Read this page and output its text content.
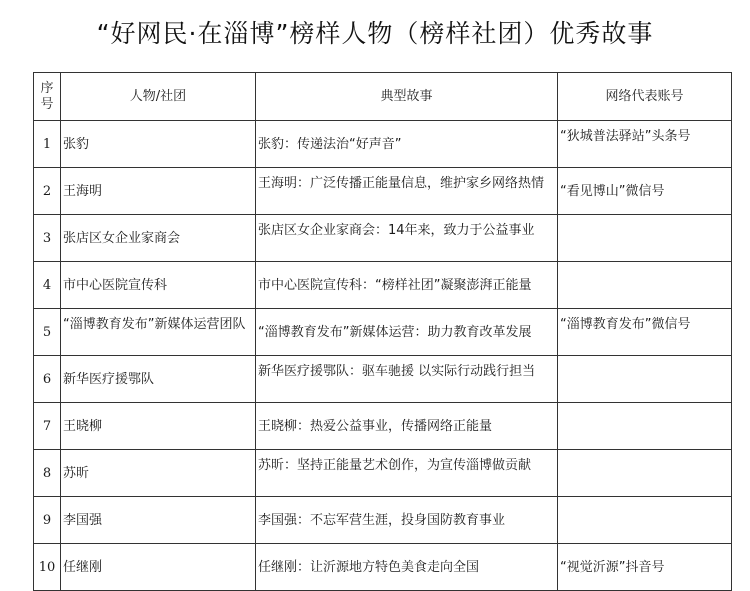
“好网民·在淄博”榜样人物（榜样社团）优秀故事
序号	人物/社团	典型故事	网络代表账号
1	张豹	张豹：传递法治“好声音”	“狄城普法驿站”头条号

2	王海明	王海明：广泛传播正能量信息，维护家乡网络热情	“看见博山”微信号

3	张店区女企业家商会	张店区女企业家商会：14年来，致力于公益事业	

4	市中心医院宣传科	市中心医院宣传科：“榜样社团”凝聚澎湃正能量	

5	“淄博教育发布”新媒体运营团队	“淄博教育发布”新媒体运营：助力教育改革发展	“淄博教育发布”微信号

6	新华医疗援鄂队	新华医疗援鄂队：驱车驰援 以实际行动践行担当	

7	王晓柳	王晓柳：热爱公益事业，传播网络正能量	

8	苏昕	苏昕：坚持正能量艺术创作，为宣传淄博做贡献	

9	李国强	李国强：不忘军营生涯，投身国防教育事业	

10	任继刚	任继刚：让沂源地方特色美食走向全国	“视觉沂源”抖音号
